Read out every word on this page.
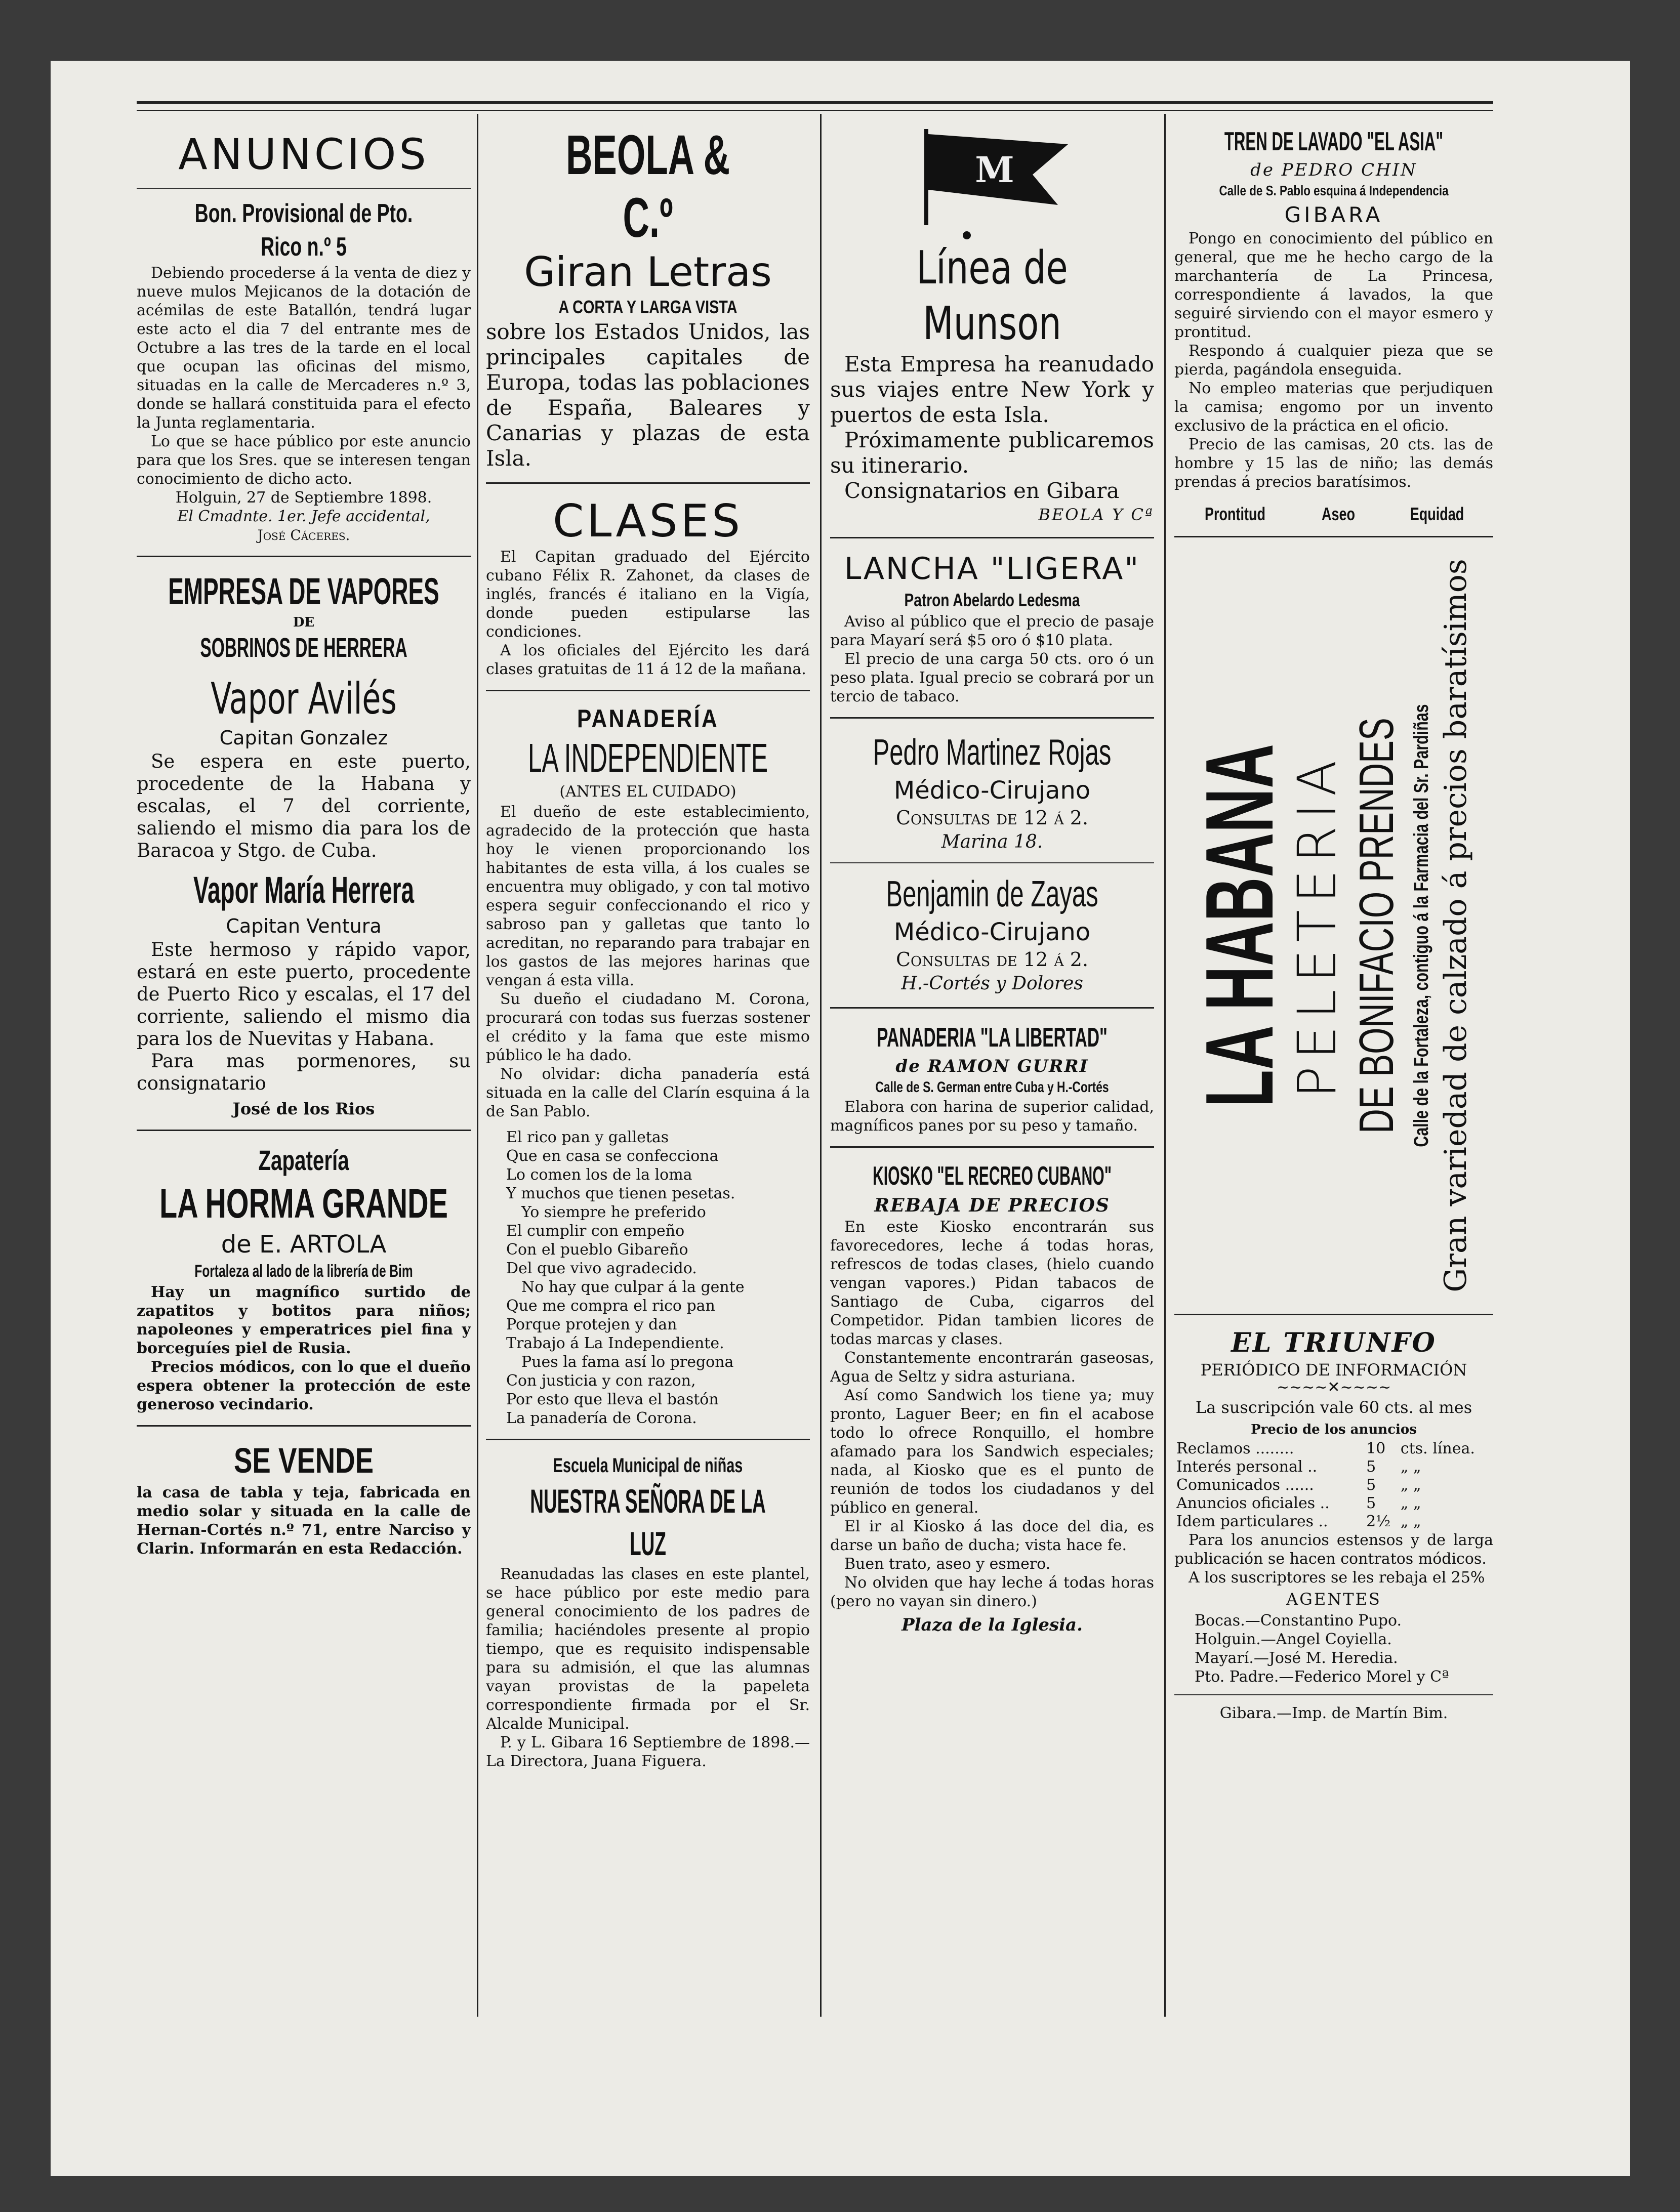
ANUNCIOS
Bon. Provisional de Pto. Rico n.º 5

Debiendo procederse á la venta de diez y nueve mulos Mejicanos de la dotación de acémilas de este Batallón, tendrá lugar este acto el dia 7 del entrante mes de Octubre a las tres de la tarde en el local que ocupan las oficinas del mismo, situadas en la calle de Mercaderes n.º 3, donde se hallará constituida para el efecto la Junta reglamentaria.

Lo que se hace público por este anuncio para que los Sres. que se interesen tengan conocimiento de dicho acto.

Holguin, 27 de Septiembre 1898.

El Cmadnte. 1er. Jefe accidental,

José Cáceres.

EMPRESA DE VAPORES
DE
SOBRINOS DE HERRERA
Vapor Avilés
Capitan Gonzalez

Se espera en este puerto, procedente de la Habana y escalas, el 7 del corriente, saliendo el mismo dia para los de Baracoa y Stgo. de Cuba.

Vapor María Herrera
Capitan Ventura

Este hermoso y rápido vapor, estará en este puerto, procedente de Puerto Rico y escalas, el 17 del corriente, saliendo el mismo dia para los de Nuevitas y Habana.

Para mas pormenores, su consignatario

José de los Rios

Zapatería
LA HORMA GRANDE
de E. ARTOLA
Fortaleza al lado de la librería de Bim

Hay un magnífico surtido de zapatitos y botitos para niños; napoleones y emperatrices piel fina y borceguíes piel de Rusia.

Precios módicos, con lo que el dueño espera obtener la protección de este generoso vecindario.

SE VENDE

la casa de tabla y teja, fabricada en medio solar y situada en la calle de Hernan-Cortés n.º 71, entre Narciso y Clarin. Informarán en esta Redacción.

BEOLA & C.º
Giran Letras
A CORTA Y LARGA VISTA

sobre los Estados Unidos, las principales capitales de Europa, todas las poblaciones de España, Baleares y Canarias y plazas de esta Isla.

CLASES

El Capitan graduado del Ejército cubano Félix R. Zahonet, da clases de inglés, francés é italiano en la Vigía, donde pueden estipularse las condiciones.

A los oficiales del Ejército les dará clases gratuitas de 11 á 12 de la mañana.

PANADERÍA
LA INDEPENDIENTE
(ANTES EL CUIDADO)

El dueño de este establecimiento, agradecido de la protección que hasta hoy le vienen proporcionando los habitantes de esta villa, á los cuales se encuentra muy obligado, y con tal motivo espera seguir confeccionando el rico y sabroso pan y galletas que tanto lo acreditan, no reparando para trabajar en los gastos de las mejores harinas que vengan á esta villa.

Su dueño el ciudadano M. Corona, procurará con todas sus fuerzas sostener el crédito y la fama que este mismo público le ha dado.

No olvidar: dicha panadería está situada en la calle del Clarín esquina á la de San Pablo.

El rico pan y galletas

Que en casa se confecciona

Lo comen los de la loma

Y muchos que tienen pesetas.

Yo siempre he preferido

El cumplir con empeño

Con el pueblo Gibareño

Del que vivo agradecido.

No hay que culpar á la gente

Que me compra el rico pan

Porque protejen y dan

Trabajo á La Independiente.

Pues la fama así lo pregona

Con justicia y con razon,

Por esto que lleva el bastón

La panadería de Corona.

Escuela Municipal de niñas
NUESTRA SEÑORA DE LA LUZ

Reanudadas las clases en este plantel, se hace público por este medio para general conocimiento de los padres de familia; haciéndoles presente al propio tiempo, que es requisito indispensable para su admisión, el que las alumnas vayan provistas de la papeleta correspondiente firmada por el Sr. Alcalde Municipal.

P. y L. Gibara 16 Septiembre de 1898.—La Directora, Juana Figuera.

M
Línea de Munson

Esta Empresa ha reanudado sus viajes entre New York y puertos de esta Isla.

Próximamente publicaremos su itinerario.

Consignatarios en Gibara

BEOLA Y Cª

LANCHA "LIGERA"
Patron Abelardo Ledesma

Aviso al público que el precio de pasaje para Mayarí será $5 oro ó $10 plata.

El precio de una carga 50 cts. oro ó un peso plata. Igual precio se cobrará por un tercio de tabaco.

Pedro Martinez Rojas
Médico-Cirujano
Consultas de 12 á 2.
Marina 18.
Benjamin de Zayas
Médico-Cirujano
Consultas de 12 á 2.
H.-Cortés y Dolores
PANADERIA "LA LIBERTAD"
de RAMON GURRI
Calle de S. German entre Cuba y H.-Cortés

Elabora con harina de superior calidad, magníficos panes por su peso y tamaño.

KIOSKO "EL RECREO CUBANO"
REBAJA DE PRECIOS

En este Kiosko encontrarán sus favorecedores, leche á todas horas, refrescos de todas clases, (hielo cuando vengan vapores.) Pidan tabacos de Santiago de Cuba, cigarros del Competidor. Pidan tambien licores de todas marcas y clases.

Constantemente encontrarán gaseosas, Agua de Seltz y sidra asturiana.

Así como Sandwich los tiene ya; muy pronto, Laguer Beer; en fin el acabose todo lo ofrece Ronquillo, el hombre afamado para los Sandwich especiales; nada, al Kiosko que es el punto de reunión de todos los ciudadanos y del público en general.

El ir al Kiosko á las doce del dia, es darse un baño de ducha; vista hace fe.

Buen trato, aseo y esmero.

No olviden que hay leche á todas horas (pero no vayan sin dinero.)

Plaza de la Iglesia.

TREN DE LAVADO "EL ASIA"
de PEDRO CHIN
Calle de S. Pablo esquina á Independencia
GIBARA

Pongo en conocimiento del público en general, que me he hecho cargo de la marchantería de La Princesa, correspondiente á lavados, la que seguiré sirviendo con el mayor esmero y prontitud.

Respondo á cualquier pieza que se pierda, pagándola enseguida.

No empleo materias que perjudiquen la camisa; engomo por un invento exclusivo de la práctica en el oficio.

Precio de las camisas, 20 cts. las de hombre y 15 las de niño; las demás prendas á precios baratísimos.

Prontitud	Aseo	Equidad
LA HABANA
PELETERIA DE BONIFACIO PRENDES Calle de la Fortaleza, contiguo á la Farmacia del Sr. Pardiñas Gran variedad de calzado á precios baratísimos
EL TRIUNFO
PERIÓDICO DE INFORMACIÓN
~~~~✕~~~~
La suscripción vale 60 cts. al mes
Precio de los anuncios
Reclamos ........	10	cts. línea.
Interés personal ..	5	„ „
Comunicados ......	5	„ „
Anuncios oficiales ..	5	„ „
Idem particulares ..	2½	„ „

Para los anuncios estensos y de larga publicación se hacen contratos módicos.

A los suscriptores se les rebaja el 25%

AGENTES

Bocas.—Constantino Pupo.

Holguin.—Angel Coyiella.

Mayarí.—José M. Heredia.

Pto. Padre.—Federico Morel y Cª

Gibara.—Imp. de Martín Bim.
